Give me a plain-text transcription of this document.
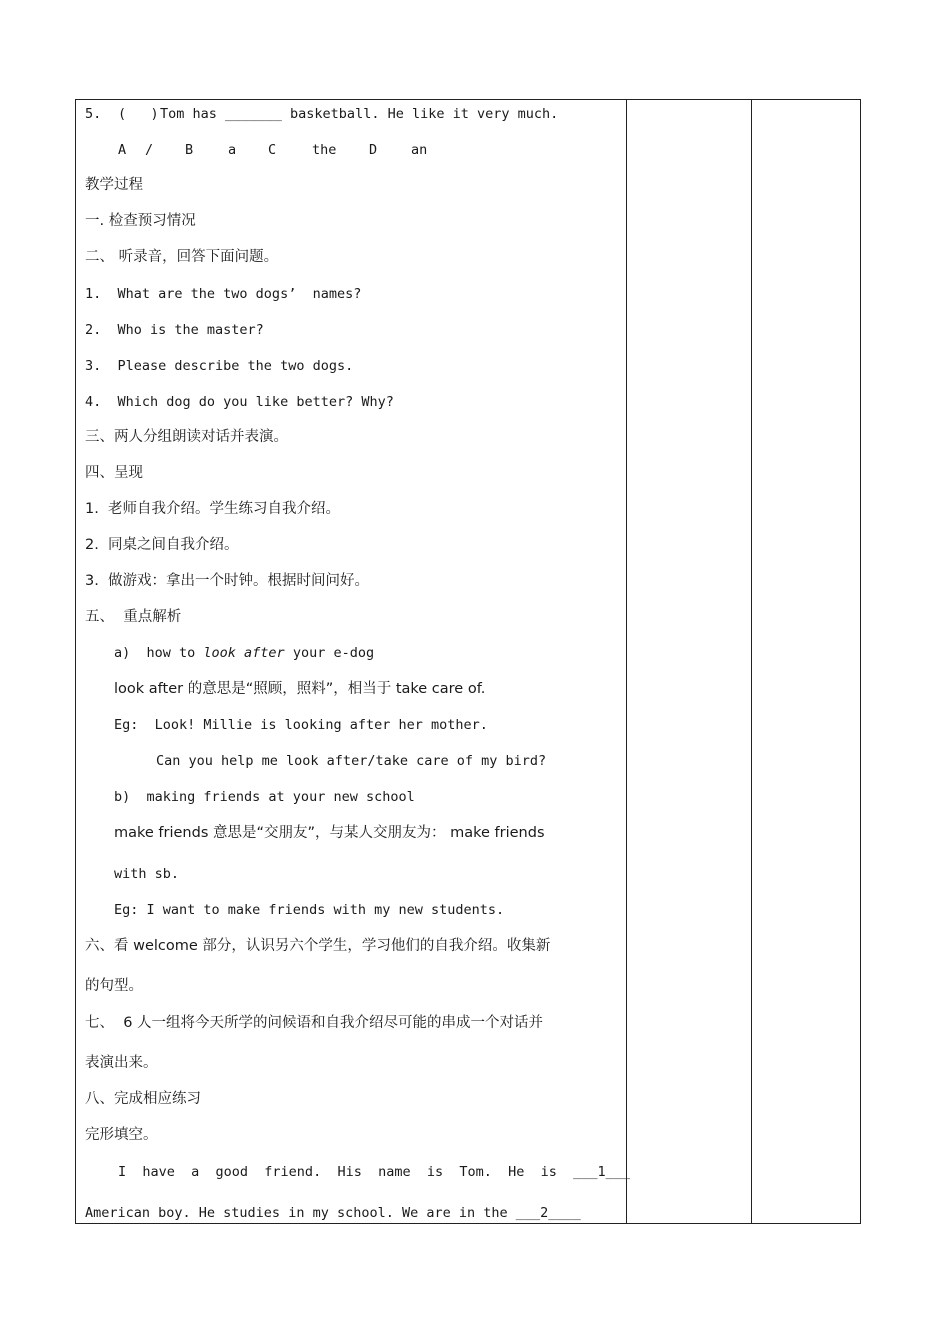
5. (   ) Tom has _______ basketball. He like it very much.
A / B	a C	the D	an
教学过程
一. 检查预习情况
二、 听录音，回答下面问题。
1.  What are the two dogs’  names?
2.  Who is the master?
3.  Please describe the two dogs.
4.  Which dog do you like better? Why?
三、两人分组朗读对话并表演。
四、呈现
1.  老师自我介绍。学生练习自我介绍。
2.  同桌之间自我介绍。
3.  做游戏：拿出一个时钟。根据时间问好。
五、  重点解析
a)  how to look after your e-dog
look after 的意思是“照顾，照料”，相当于 take care of.
Eg:  Look! Millie is looking after her mother.
Can you help me look after/take care of my bird?
b)  making friends at your new school
make friends 意思是“交朋友”，与某人交朋友为： make friends
with sb.
Eg: I want to make friends with my new students.
六、看 welcome 部分，认识另六个学生，学习他们的自我介绍。收集新
的句型。
七、  6 人一组将今天所学的问候语和自我介绍尽可能的串成一个对话并
表演出来。
八、完成相应练习
完形填空。
I  have  a  good  friend.  His  name  is  Tom.  He  is  ___1___
American boy. He studies in my school. We are in the ___2____
